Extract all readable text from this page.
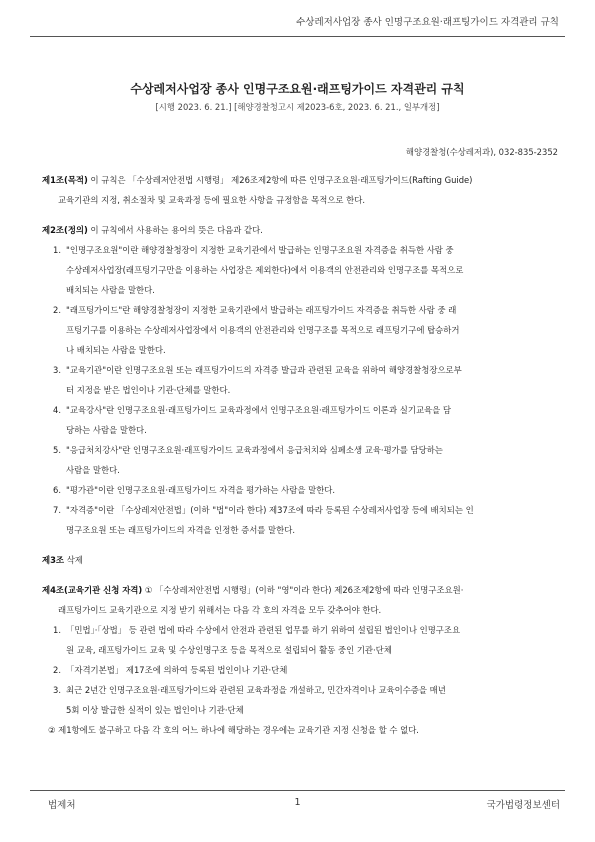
수상레저사업장 종사 인명구조요원·래프팅가이드 자격관리 규칙
수상레저사업장 종사 인명구조요원·래프팅가이드 자격관리 규칙
[시행 2023. 6. 21.] [해양경찰청고시 제2023-6호, 2023. 6. 21., 일부개정]
해양경찰청(수상레저과), 032-835-2352
제1조(목적) 이 규칙은 「수상레저안전법 시행령」 제26조제2항에 따른 인명구조요원·래프팅가이드(Rafting Guide)
교육기관의 지정, 취소절차 및 교육과정 등에 필요한 사항을 규정함을 목적으로 한다.
제2조(정의) 이 규칙에서 사용하는 용어의 뜻은 다음과 같다.
1. "인명구조요원"이란 해양경찰청장이 지정한 교육기관에서 발급하는 인명구조요원 자격증을 취득한 사람 중
수상레저사업장(래프팅기구만을 이용하는 사업장은 제외한다)에서 이용객의 안전관리와 인명구조를 목적으로
배치되는 사람을 말한다.
2. "래프팅가이드"란 해양경찰청장이 지정한 교육기관에서 발급하는 래프팅가이드 자격증을 취득한 사람 중 래
프팅기구를 이용하는 수상레저사업장에서 이용객의 안전관리와 인명구조를 목적으로 래프팅기구에 탑승하거
나 배치되는 사람을 말한다.
3. "교육기관"이란 인명구조요원 또는 래프팅가이드의 자격증 발급과 관련된 교육을 위하여 해양경찰청장으로부
터 지정을 받은 법인이나 기관·단체를 말한다.
4. "교육강사"란 인명구조요원·래프팅가이드 교육과정에서 인명구조요원·래프팅가이드 이론과 실기교육을 담
당하는 사람을 말한다.
5. "응급처치강사"란 인명구조요원·래프팅가이드 교육과정에서 응급처치와 심페소생 교육·평가를 담당하는
사람을 말한다.
6. "평가관"이란 인명구조요원·래프팅가이드 자격을 평가하는 사람을 말한다.
7. "자격증"이란 「수상레저안전법」(이하 "법"이라 한다) 제37조에 따라 등록된 수상레저사업장 등에 배치되는 인
명구조요원 또는 래프팅가이드의 자격을 인정한 증서를 말한다.
제3조 삭제
제4조(교육기관 신청 자격) ① 「수상레저안전법 시행령」(이하 "영"이라 한다) 제26조제2항에 따라 인명구조요원·
래프팅가이드 교육기관으로 지정 받기 위해서는 다음 각 호의 자격을 모두 갖추어야 한다.
1. 「민법」·「상법」 등 관련 법에 따라 수상에서 안전과 관련된 업무를 하기 위하여 설립된 법인이나 인명구조요
원 교육, 래프팅가이드 교육 및 수상인명구조 등을 목적으로 설립되어 활동 중인 기관·단체
2. 「자격기본법」 제17조에 의하여 등록된 법인이나 기관·단체
3. 최근 2년간 인명구조요원·래프팅가이드와 관련된 교육과정을 개설하고, 민간자격이나 교육이수증을 매년
5회 이상 발급한 실적이 있는 법인이나 기관·단체
② 제1항에도 불구하고 다음 각 호의 어느 하나에 해당하는 경우에는 교육기관 지정 신청을 할 수 없다.
법제처	1	국가법령정보센터
